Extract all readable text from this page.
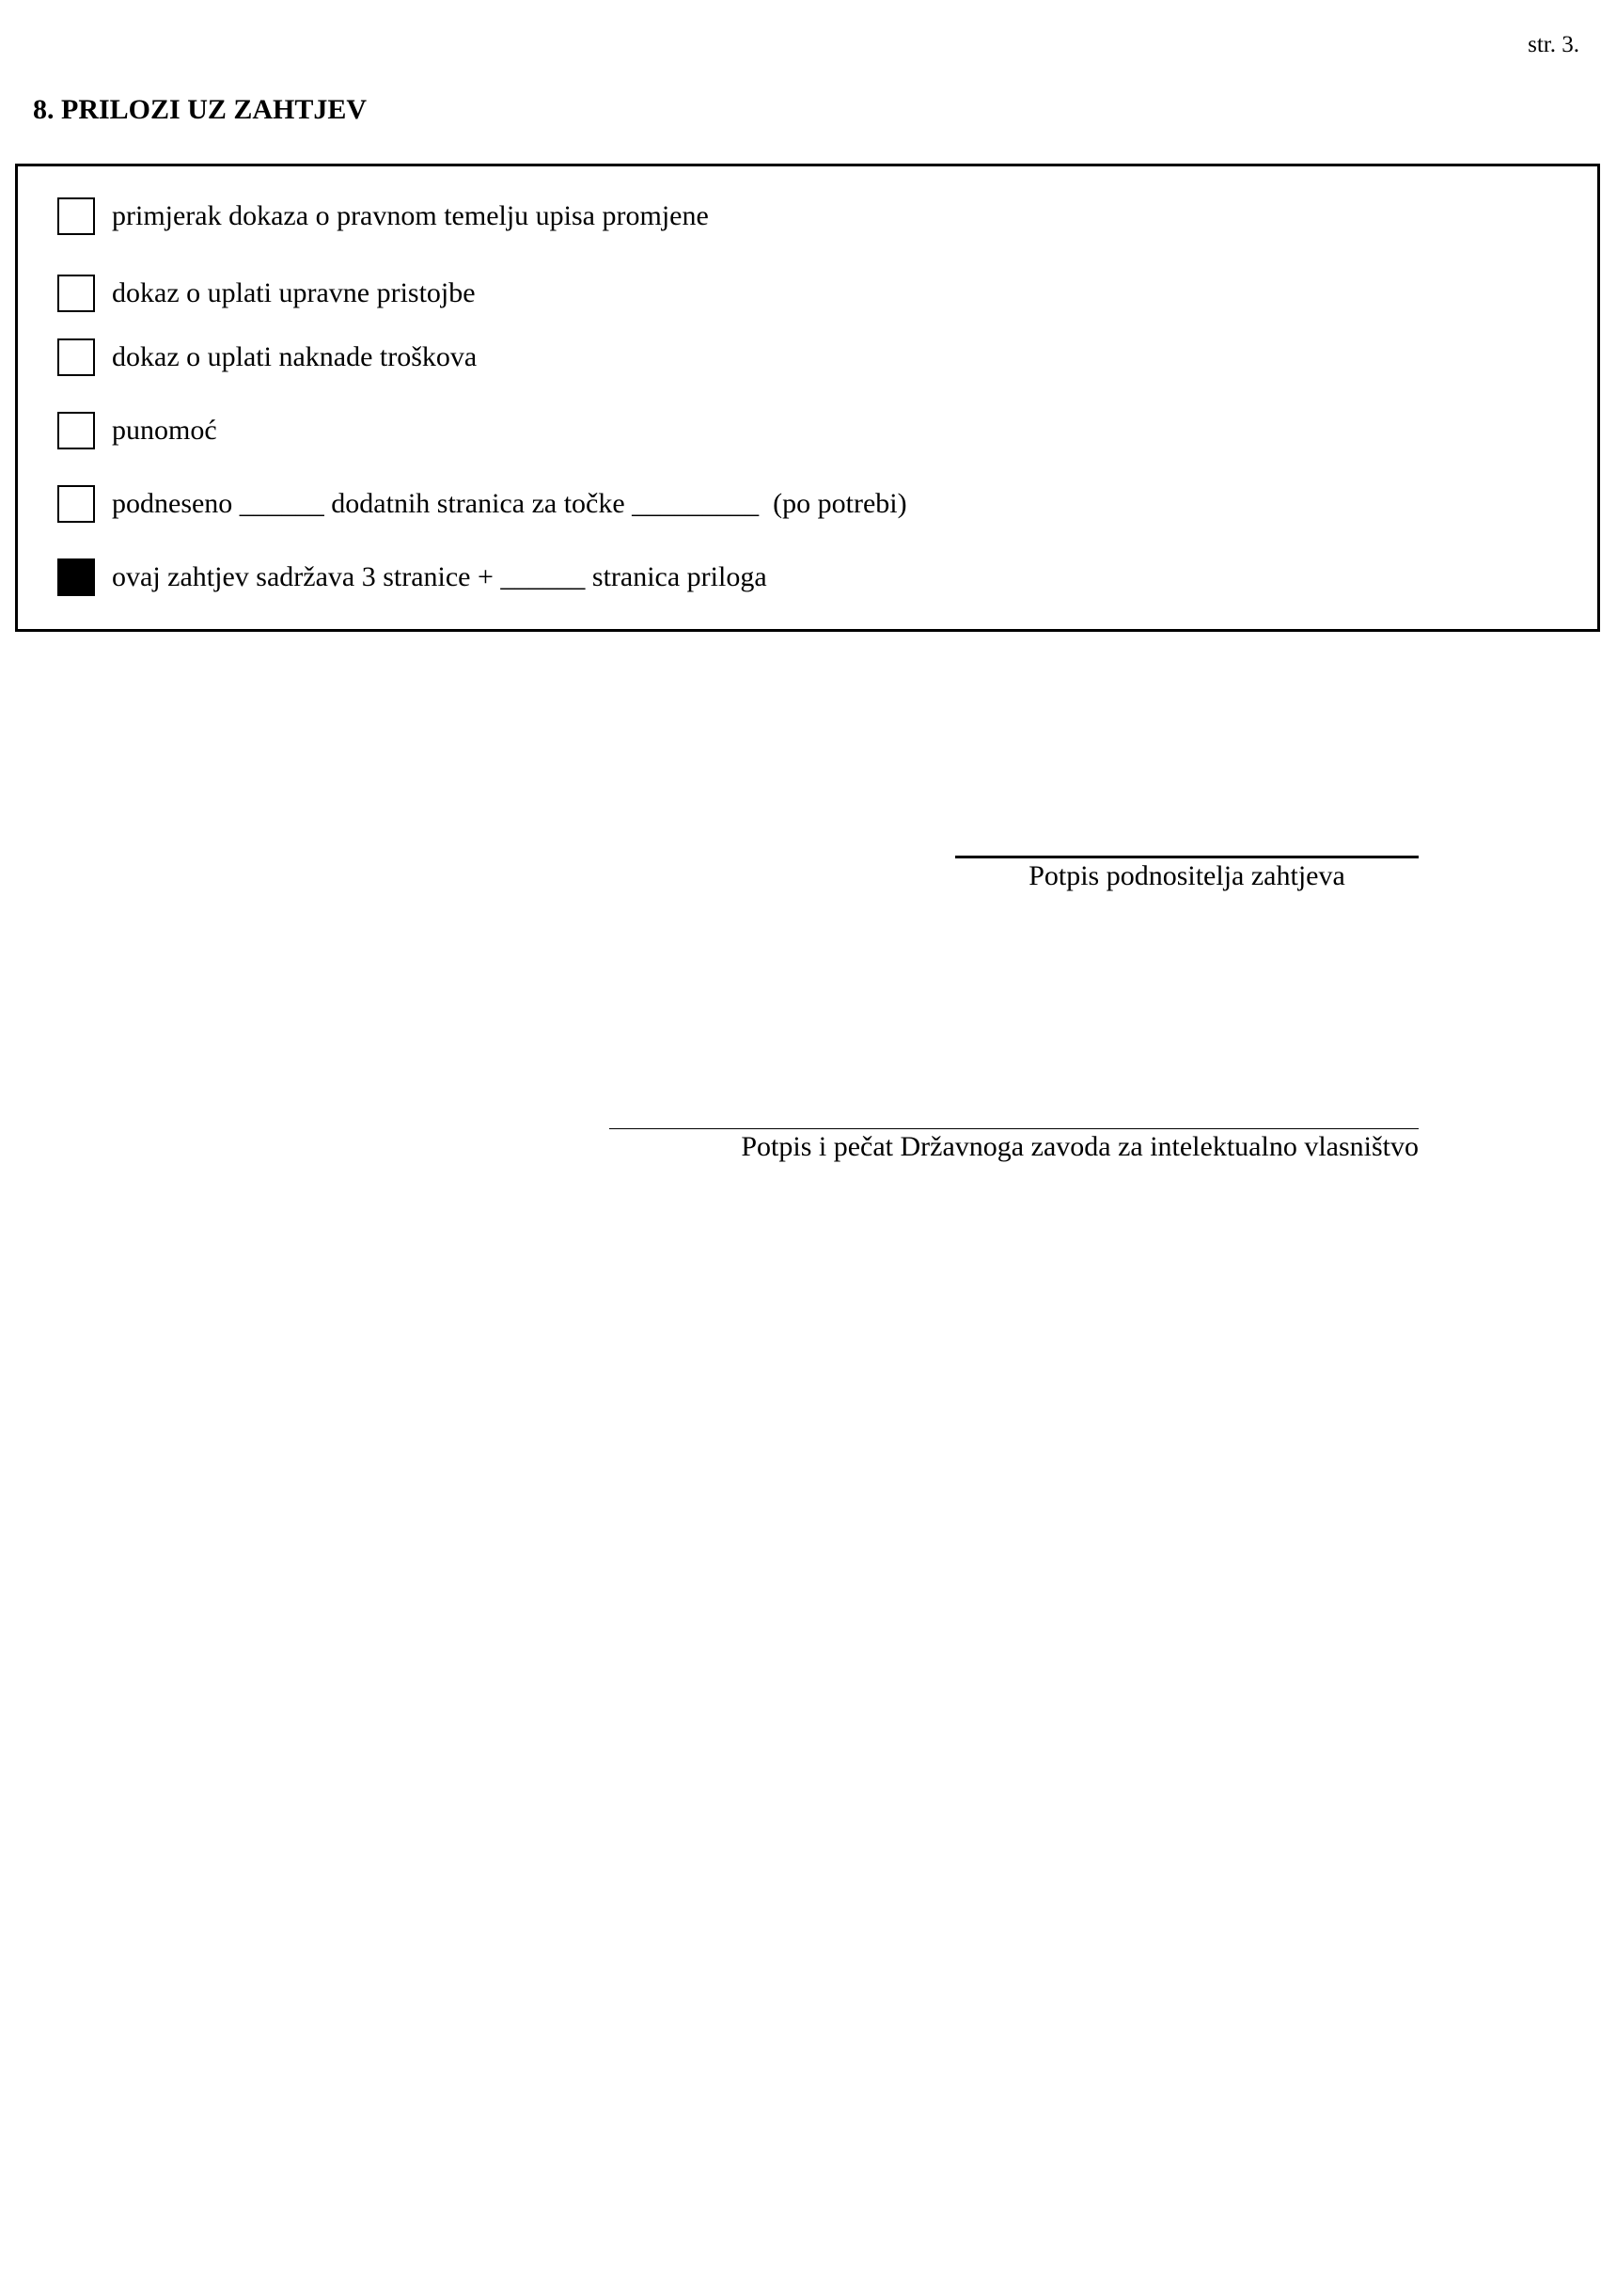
str. 3.
8. PRILOZI UZ ZAHTJEV
primjerak dokaza o pravnom temelju upisa promjene
dokaz o uplati upravne pristojbe
dokaz o uplati naknade troškova
punomoć
podneseno ______ dodatnih stranica za točke _________  (po potrebi)
ovaj zahtjev sadržava 3 stranice + ______ stranica priloga
Potpis podnositelja zahtjeva
Potpis i pečat Državnoga zavoda za intelektualno vlasništvo
